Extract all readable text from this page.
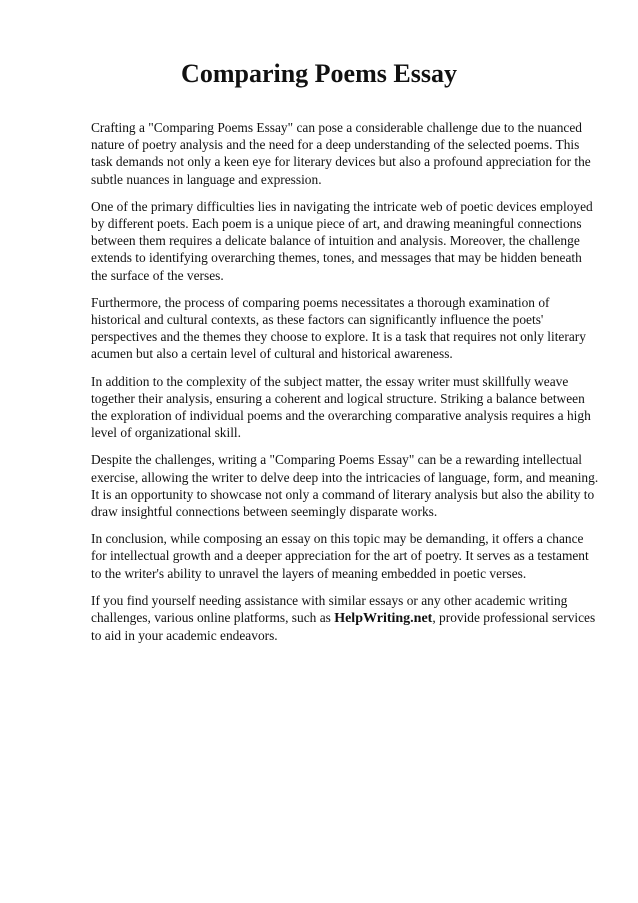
Comparing Poems Essay

Crafting a "Comparing Poems Essay" can pose a considerable challenge due to the nuanced nature of poetry analysis and the need for a deep understanding of the selected poems. This task demands not only a keen eye for literary devices but also a profound appreciation for the subtle nuances in language and expression.

One of the primary difficulties lies in navigating the intricate web of poetic devices employed by different poets. Each poem is a unique piece of art, and drawing meaningful connections between them requires a delicate balance of intuition and analysis. Moreover, the challenge extends to identifying overarching themes, tones, and messages that may be hidden beneath the surface of the verses.

Furthermore, the process of comparing poems necessitates a thorough examination of historical and cultural contexts, as these factors can significantly influence the poets' perspectives and the themes they choose to explore. It is a task that requires not only literary acumen but also a certain level of cultural and historical awareness.

In addition to the complexity of the subject matter, the essay writer must skillfully weave together their analysis, ensuring a coherent and logical structure. Striking a balance between the exploration of individual poems and the overarching comparative analysis requires a high level of organizational skill.

Despite the challenges, writing a "Comparing Poems Essay" can be a rewarding intellectual exercise, allowing the writer to delve deep into the intricacies of language, form, and meaning. It is an opportunity to showcase not only a command of literary analysis but also the ability to draw insightful connections between seemingly disparate works.

In conclusion, while composing an essay on this topic may be demanding, it offers a chance for intellectual growth and a deeper appreciation for the art of poetry. It serves as a testament to the writer's ability to unravel the layers of meaning embedded in poetic verses.

If you find yourself needing assistance with similar essays or any other academic writing challenges, various online platforms, such as HelpWriting.net, provide professional services to aid in your academic endeavors.
